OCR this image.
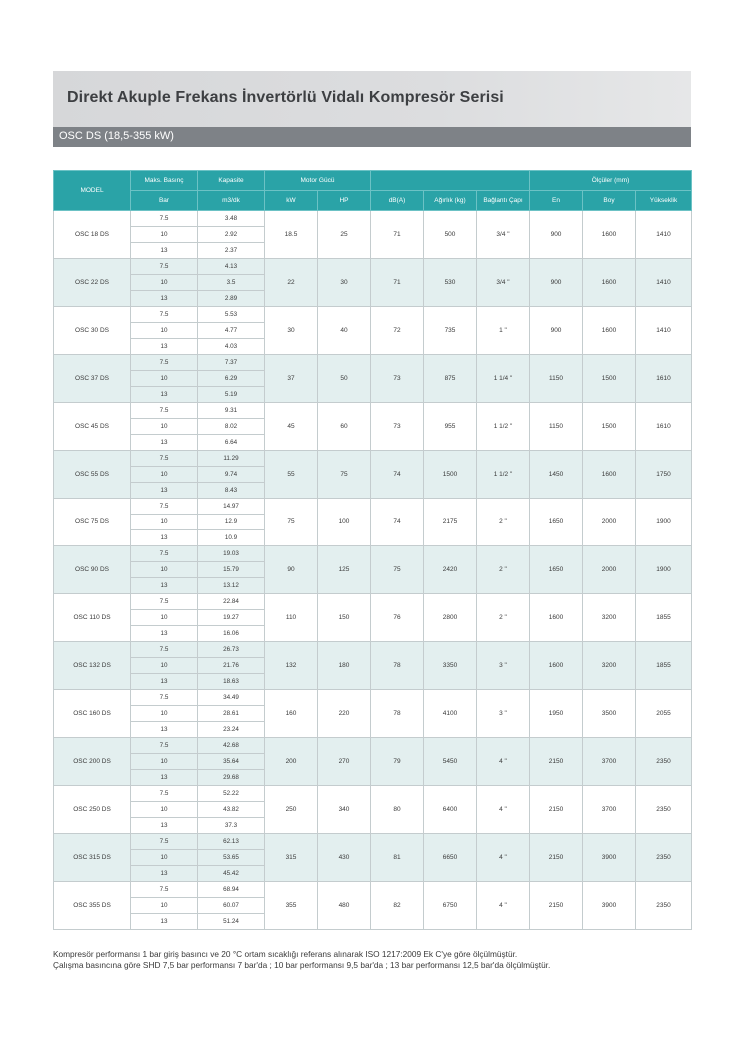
Direkt Akuple Frekans İnvertörlü Vidalı Kompresör Serisi
OSC DS (18,5-355 kW)
MODEL	Maks. Basınç	Kapasite	Motor Gücü					Ölçüler (mm)		
	Bar	m3/dk	kW	HP	dB(A)	Ağırlık (kg)	Bağlantı Çapı	En	Boy	Yükseklik
OSC 18 DS	7.5	3.48	18.5	25	71	500	3/4 "	900	1600	1410
	10	2.92								
	13	2.37								
OSC 22 DS	7.5	4.13	22	30	71	530	3/4 "	900	1600	1410
	10	3.5								
	13	2.89								
OSC 30 DS	7.5	5.53	30	40	72	735	1 "	900	1600	1410
	10	4.77								
	13	4.03								
OSC 37 DS	7.5	7.37	37	50	73	875	1 1/4 "	1150	1500	1610
	10	6.29								
	13	5.19								
OSC 45 DS	7.5	9.31	45	60	73	955	1 1/2 "	1150	1500	1610
	10	8.02								
	13	6.64								
OSC 55 DS	7.5	11.29	55	75	74	1500	1 1/2 "	1450	1600	1750
	10	9.74								
	13	8.43								
OSC 75 DS	7.5	14.97	75	100	74	2175	2 "	1650	2000	1900
	10	12.9								
	13	10.9								
OSC 90 DS	7.5	19.03	90	125	75	2420	2 "	1650	2000	1900
	10	15.79								
	13	13.12								
OSC 110 DS	7.5	22.84	110	150	76	2800	2 "	1600	3200	1855
	10	19.27								
	13	16.06								
OSC 132 DS	7.5	26.73	132	180	78	3350	3 "	1600	3200	1855
	10	21.76								
	13	18.63								
OSC 160 DS	7.5	34.49	160	220	78	4100	3 "	1950	3500	2055
	10	28.61								
	13	23.24								
OSC 200 DS	7.5	42.68	200	270	79	5450	4 "	2150	3700	2350
	10	35.64								
	13	29.68								
OSC 250 DS	7.5	52.22	250	340	80	6400	4 "	2150	3700	2350
	10	43.82								
	13	37.3								
OSC 315 DS	7.5	62.13	315	430	81	6650	4 "	2150	3900	2350
	10	53.65								
	13	45.42								
OSC 355 DS	7.5	68.94	355	480	82	6750	4 "	2150	3900	2350
	10	60.07								
	13	51.24								
Kompresör performansı 1 bar giriş basıncı ve 20 °C ortam sıcaklığı referans alınarak ISO 1217:2009 Ek C'ye göre ölçülmüştür.
Çalışma basıncına göre SHD 7,5 bar performansı 7 bar'da ; 10 bar performansı 9,5 bar'da ; 13 bar performansı 12,5 bar'da ölçülmüştür.
